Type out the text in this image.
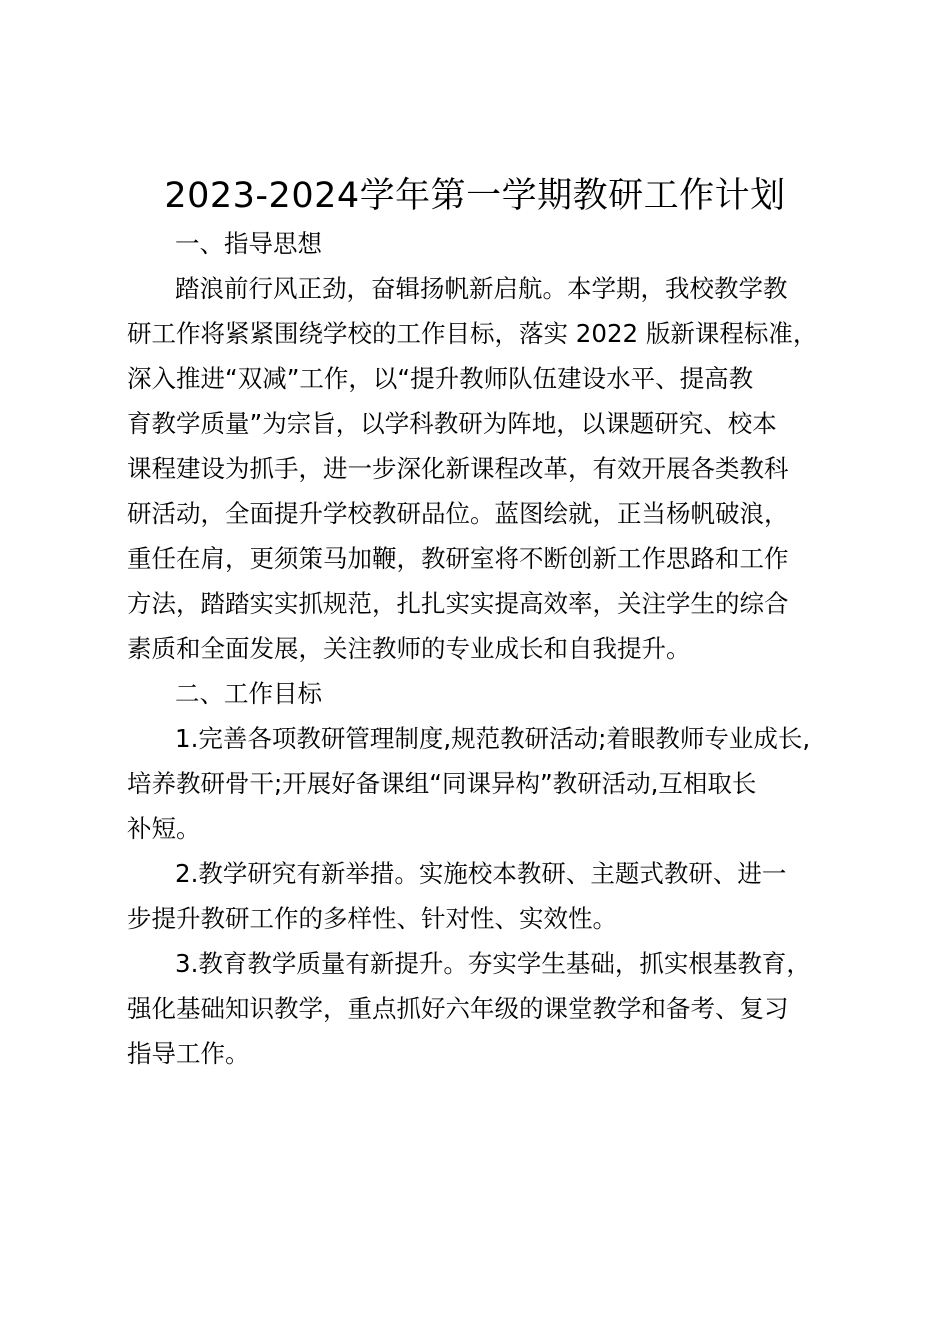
2023-2024学年第一学期教研工作计划
一、指导思想
踏浪前行风正劲，奋辑扬帆新启航。本学期，我校教学教
研工作将紧紧围绕学校的工作目标，落实 2022 版新课程标准，
深入推进“双减”工作，以“提升教师队伍建设水平、提高教
育教学质量”为宗旨，以学科教研为阵地，以课题研究、校本
课程建设为抓手，进一步深化新课程改革，有效开展各类教科
研活动，全面提升学校教研品位。蓝图绘就，正当杨帆破浪，
重任在肩，更须策马加鞭，教研室将不断创新工作思路和工作
方法，踏踏实实抓规范，扎扎实实提高效率，关注学生的综合
素质和全面发展，关注教师的专业成长和自我提升。
二、工作目标
1.完善各项教研管理制度,规范教研活动;着眼教师专业成长,
培养教研骨干;开展好备课组“同课异构”教研活动,互相取长
补短。
2.教学研究有新举措。实施校本教研、主题式教研、进一
步提升教研工作的多样性、针对性、实效性。
3.教育教学质量有新提升。夯实学生基础，抓实根基教育，
强化基础知识教学，重点抓好六年级的课堂教学和备考、复习
指导工作。
